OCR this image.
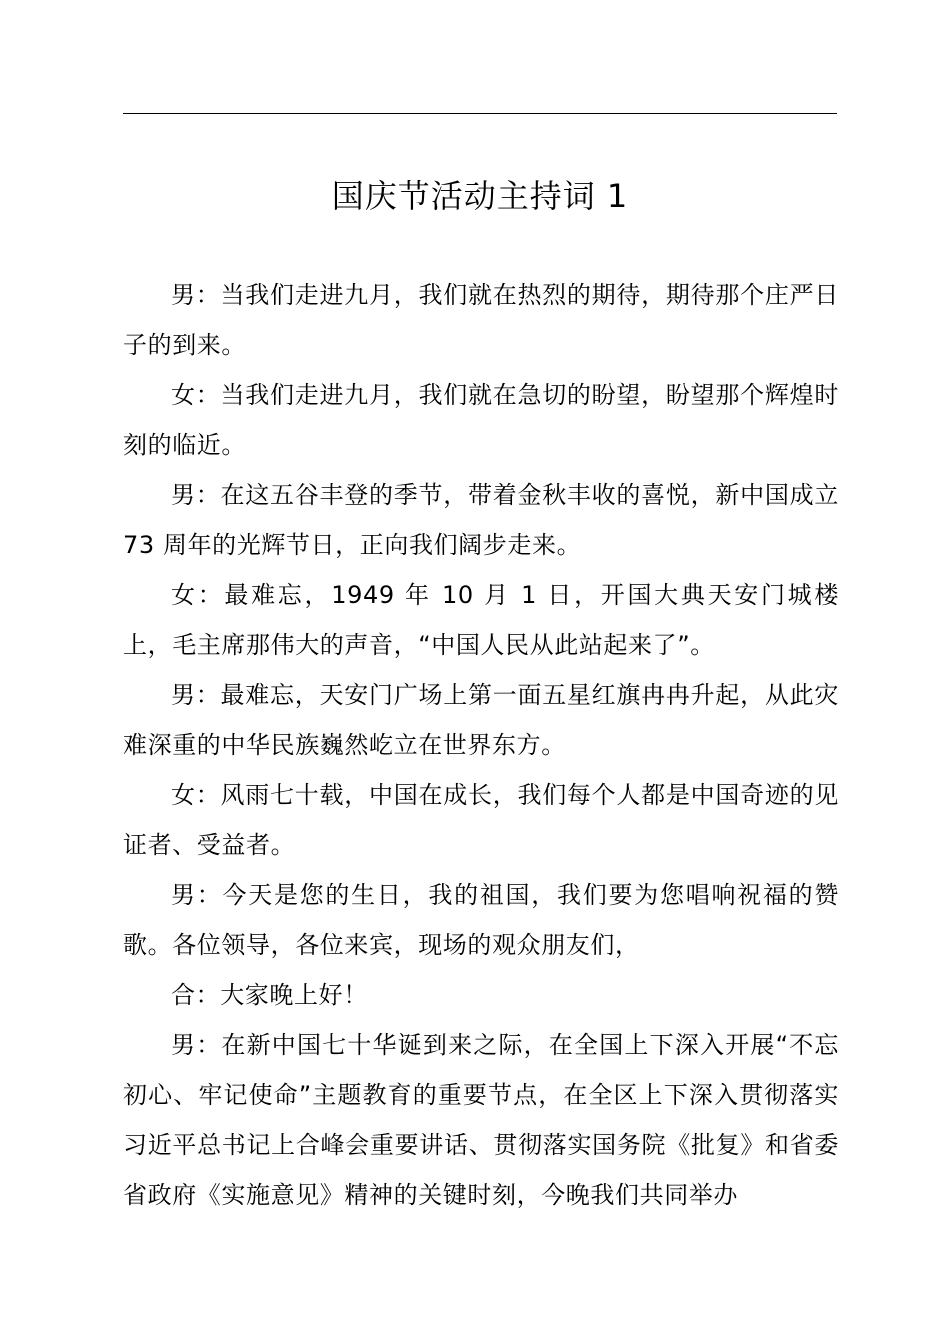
国庆节活动主持词 1

男：当我们走进九月，我们就在热烈的期待，期待那个庄严日子的到来。

女：当我们走进九月，我们就在急切的盼望，盼望那个辉煌时刻的临近。

男：在这五谷丰登的季节，带着金秋丰收的喜悦，新中国成立 73 周年的光辉节日，正向我们阔步走来。

女：最难忘，1949 年 10 月 1 日，开国大典天安门城楼上，毛主席那伟大的声音，“中国人民从此站起来了”。

男：最难忘，天安门广场上第一面五星红旗冉冉升起，从此灾难深重的中华民族巍然屹立在世界东方。

女：风雨七十载，中国在成长，我们每个人都是中国奇迹的见证者、受益者。

男：今天是您的生日，我的祖国，我们要为您唱响祝福的赞歌。各位领导，各位来宾，现场的观众朋友们，

合：大家晚上好！

男：在新中国七十华诞到来之际，在全国上下深入开展“不忘初心、牢记使命”主题教育的重要节点，在全区上下深入贯彻落实习近平总书记上合峰会重要讲话、贯彻落实国务院《批复》和省委省政府《实施意见》精神的关键时刻，今晚我们共同举办
